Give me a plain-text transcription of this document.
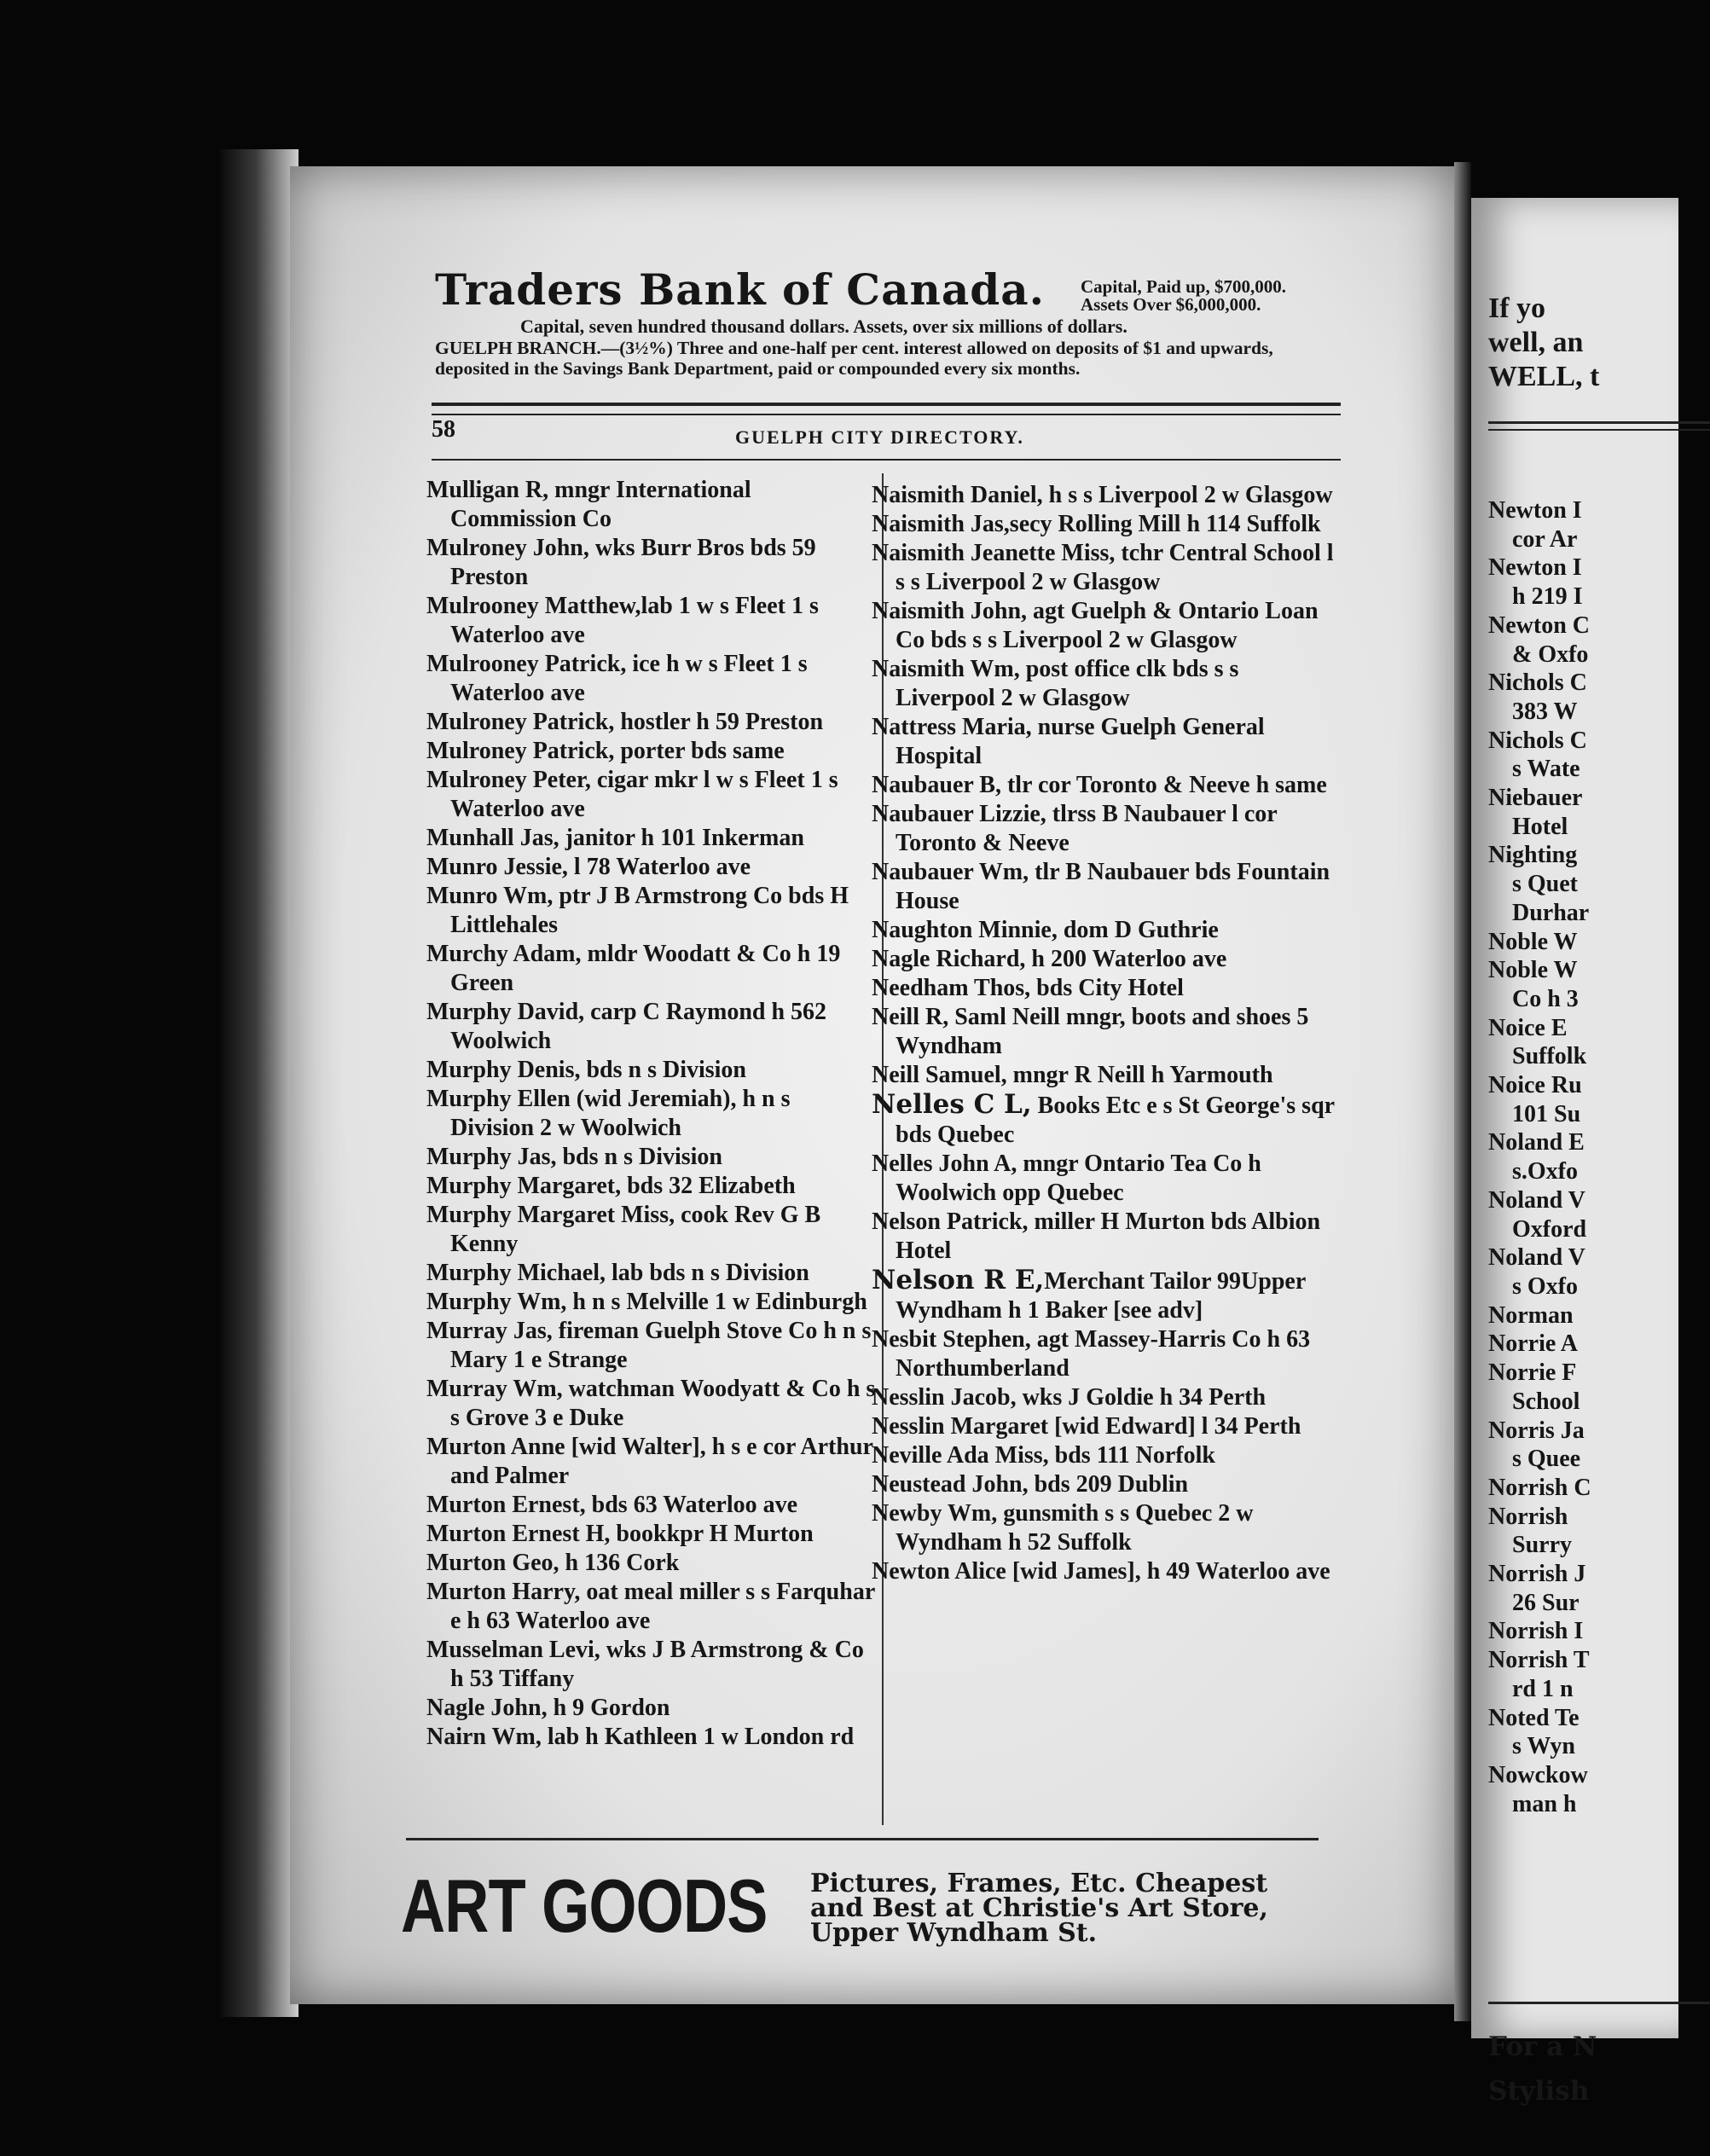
Traders Bank of Canada. Capital, Paid up, $700,000.
Assets Over $6,000,000.
Capital, seven hundred thousand dollars. Assets, over six millions of dollars.
GUELPH BRANCH.—(3½%) Three and one-half per cent. interest allowed on deposits of $1 and upwards, deposited in the Savings Bank Department, paid or compounded every six months.
58	GUELPH CITY DIRECTORY.

Mulligan R, mngr International Commission Co

Mulroney John, wks Burr Bros bds 59 Preston

Mulrooney Matthew,lab 1 w s Fleet 1 s Waterloo ave

Mulrooney Patrick, ice h w s Fleet 1 s Waterloo ave

Mulroney Patrick, hostler h 59 Preston

Mulroney Patrick, porter bds same

Mulroney Peter, cigar mkr l w s Fleet 1 s Waterloo ave

Munhall Jas, janitor h 101 Inkerman

Munro Jessie, l 78 Waterloo ave

Munro Wm, ptr J B Armstrong Co bds H Littlehales

Murchy Adam, mldr Woodatt & Co h 19 Green

Murphy David, carp C Raymond h 562 Woolwich

Murphy Denis, bds n s Division

Murphy Ellen (wid Jeremiah), h n s Division 2 w Woolwich

Murphy Jas, bds n s Division

Murphy Margaret, bds 32 Elizabeth

Murphy Margaret Miss, cook Rev G B Kenny

Murphy Michael, lab bds n s Division

Murphy Wm, h n s Melville 1 w Edinburgh

Murray Jas, fireman Guelph Stove Co h n s Mary 1 e Strange

Murray Wm, watchman Woodyatt & Co h s s Grove 3 e Duke

Murton Anne [wid Walter], h s e cor Arthur and Palmer

Murton Ernest, bds 63 Waterloo ave

Murton Ernest H, bookkpr H Murton

Murton Geo, h 136 Cork

Murton Harry, oat meal miller s s Farquhar e h 63 Waterloo ave

Musselman Levi, wks J B Armstrong & Co h 53 Tiffany

Nagle John, h 9 Gordon

Nairn Wm, lab h Kathleen 1 w London rd

Naismith Daniel, h s s Liverpool 2 w Glasgow

Naismith Jas,secy Rolling Mill h 114 Suffolk

Naismith Jeanette Miss, tchr Central School l s s Liverpool 2 w Glasgow

Naismith John, agt Guelph & Ontario Loan Co bds s s Liverpool 2 w Glasgow

Naismith Wm, post office clk bds s s Liverpool 2 w Glasgow

Nattress Maria, nurse Guelph General Hospital

Naubauer B, tlr cor Toronto & Neeve h same

Naubauer Lizzie, tlrss B Naubauer l cor Toronto & Neeve

Naubauer Wm, tlr B Naubauer bds Fountain House

Naughton Minnie, dom D Guthrie

Nagle Richard, h 200 Waterloo ave

Needham Thos, bds City Hotel

Neill R, Saml Neill mngr, boots and shoes 5 Wyndham

Neill Samuel, mngr R Neill h Yarmouth

Nelles C L, Books Etc e s St George's sqr bds Quebec

Nelles John A, mngr Ontario Tea Co h Woolwich opp Quebec

Nelson Patrick, miller H Murton bds Albion Hotel

Nelson R E,Merchant Tailor 99Upper Wyndham h 1 Baker [see adv]

Nesbit Stephen, agt Massey-Harris Co h 63 Northumberland

Nesslin Jacob, wks J Goldie h 34 Perth

Nesslin Margaret [wid Edward] l 34 Perth

Neville Ada Miss, bds 111 Norfolk

Neustead John, bds 209 Dublin

Newby Wm, gunsmith s s Quebec 2 w Wyndham h 52 Suffolk

Newton Alice [wid James], h 49 Waterloo ave

ART GOODS Pictures, Frames, Etc. Cheapest
and Best at Christie's Art Store,
Upper Wyndham St.
If yo
well, an
WELL, t
Newton I
cor Ar
Newton I
h 219 I
Newton C
& Oxfo
Nichols C
383 W
Nichols C
s Wate
Niebauer
Hotel
Nighting
s Quet
Durhar
Noble W
Noble W
Co h 3
Noice E
Suffolk
Noice Ru
101 Su
Noland E
s.Oxfo
Noland V
Oxford
Noland V
s Oxfo
Norman
Norrie A
Norrie F
School
Norris Ja
s Quee
Norrish C
Norrish
Surry
Norrish J
26 Sur
Norrish I
Norrish T
rd 1 n
Noted Te
s Wyn
Nowckow
man h
For a N
Stylish
